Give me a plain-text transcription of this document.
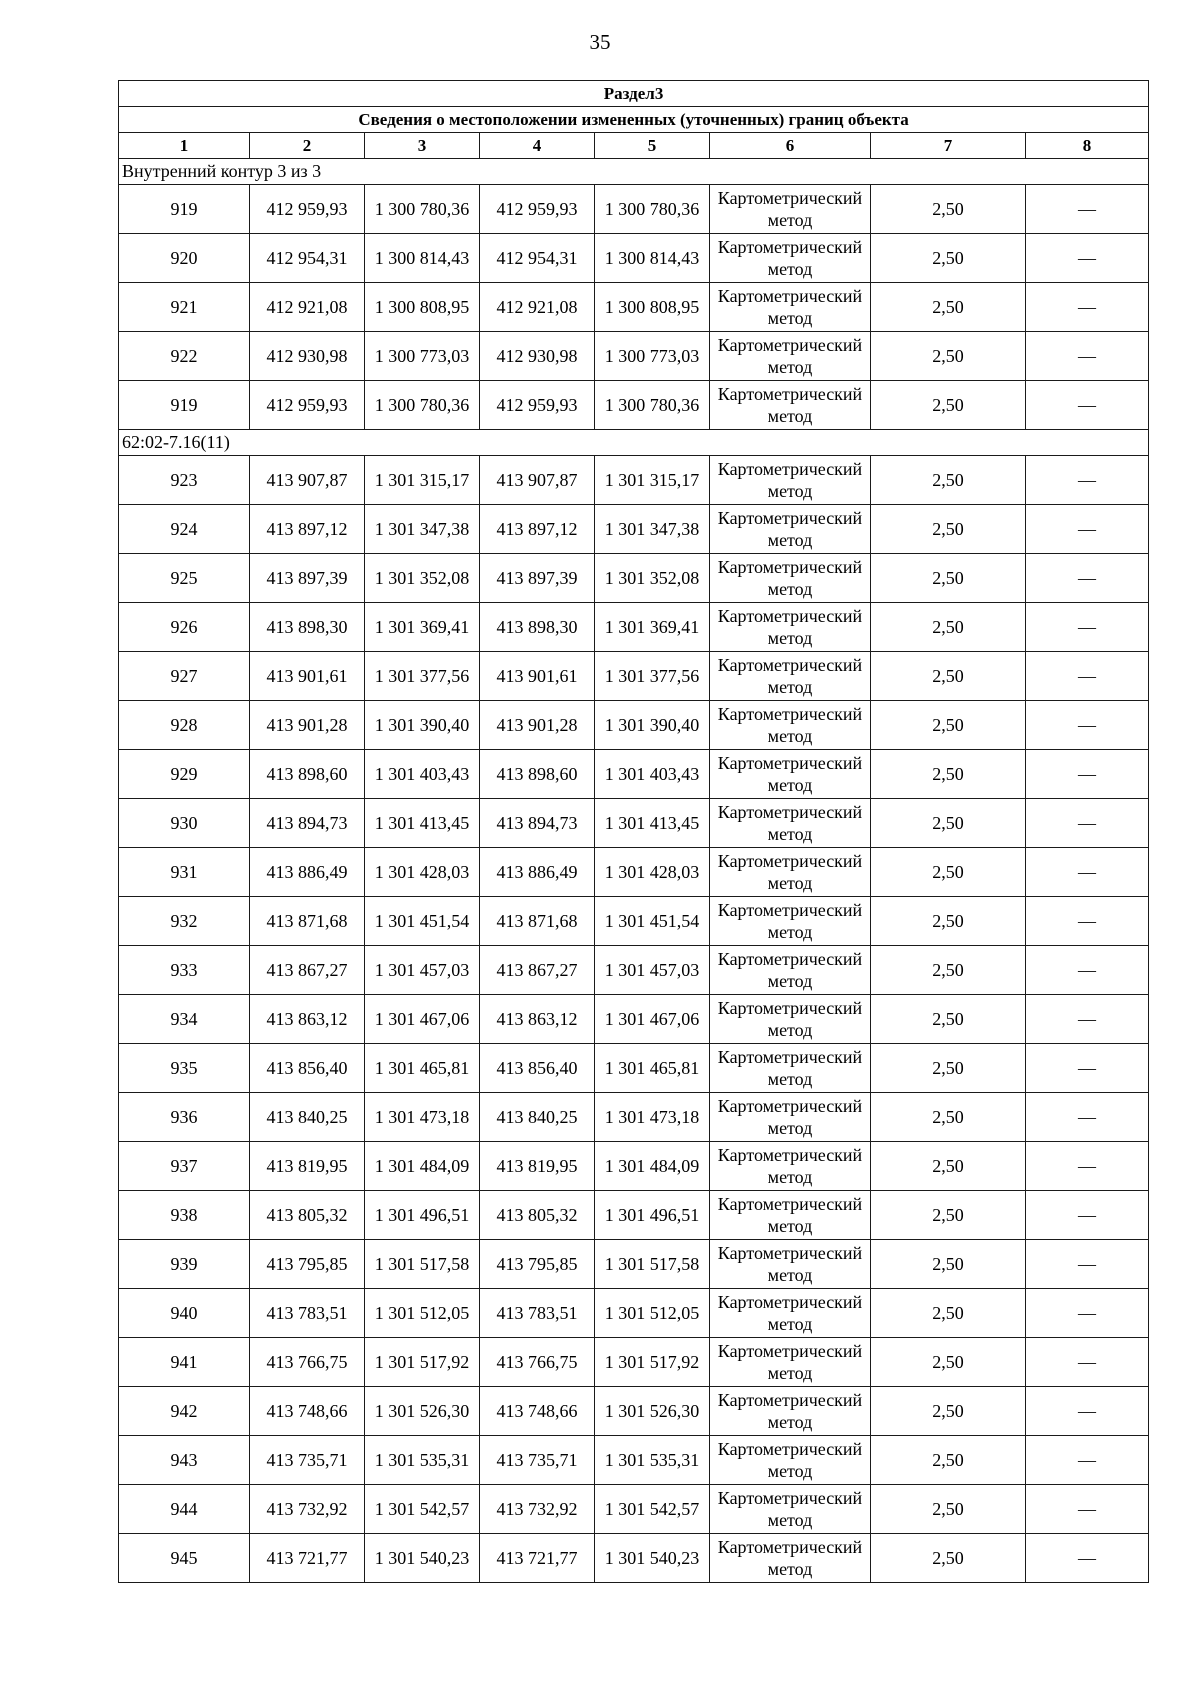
35
Раздел3							
Сведения о местоположении измененных (уточненных) границ объекта							
1	2	3	4	5	6	7	8
Внутренний контур 3 из 3							
919	412 959,93	1 300 780,36	412 959,93	1 300 780,36	Картометрический метод	2,50	—
920	412 954,31	1 300 814,43	412 954,31	1 300 814,43	Картометрический метод	2,50	—
921	412 921,08	1 300 808,95	412 921,08	1 300 808,95	Картометрический метод	2,50	—
922	412 930,98	1 300 773,03	412 930,98	1 300 773,03	Картометрический метод	2,50	—
919	412 959,93	1 300 780,36	412 959,93	1 300 780,36	Картометрический метод	2,50	—
62:02-7.16(11)							
923	413 907,87	1 301 315,17	413 907,87	1 301 315,17	Картометрический метод	2,50	—
924	413 897,12	1 301 347,38	413 897,12	1 301 347,38	Картометрический метод	2,50	—
925	413 897,39	1 301 352,08	413 897,39	1 301 352,08	Картометрический метод	2,50	—
926	413 898,30	1 301 369,41	413 898,30	1 301 369,41	Картометрический метод	2,50	—
927	413 901,61	1 301 377,56	413 901,61	1 301 377,56	Картометрический метод	2,50	—
928	413 901,28	1 301 390,40	413 901,28	1 301 390,40	Картометрический метод	2,50	—
929	413 898,60	1 301 403,43	413 898,60	1 301 403,43	Картометрический метод	2,50	—
930	413 894,73	1 301 413,45	413 894,73	1 301 413,45	Картометрический метод	2,50	—
931	413 886,49	1 301 428,03	413 886,49	1 301 428,03	Картометрический метод	2,50	—
932	413 871,68	1 301 451,54	413 871,68	1 301 451,54	Картометрический метод	2,50	—
933	413 867,27	1 301 457,03	413 867,27	1 301 457,03	Картометрический метод	2,50	—
934	413 863,12	1 301 467,06	413 863,12	1 301 467,06	Картометрический метод	2,50	—
935	413 856,40	1 301 465,81	413 856,40	1 301 465,81	Картометрический метод	2,50	—
936	413 840,25	1 301 473,18	413 840,25	1 301 473,18	Картометрический метод	2,50	—
937	413 819,95	1 301 484,09	413 819,95	1 301 484,09	Картометрический метод	2,50	—
938	413 805,32	1 301 496,51	413 805,32	1 301 496,51	Картометрический метод	2,50	—
939	413 795,85	1 301 517,58	413 795,85	1 301 517,58	Картометрический метод	2,50	—
940	413 783,51	1 301 512,05	413 783,51	1 301 512,05	Картометрический метод	2,50	—
941	413 766,75	1 301 517,92	413 766,75	1 301 517,92	Картометрический метод	2,50	—
942	413 748,66	1 301 526,30	413 748,66	1 301 526,30	Картометрический метод	2,50	—
943	413 735,71	1 301 535,31	413 735,71	1 301 535,31	Картометрический метод	2,50	—
944	413 732,92	1 301 542,57	413 732,92	1 301 542,57	Картометрический метод	2,50	—
945	413 721,77	1 301 540,23	413 721,77	1 301 540,23	Картометрический метод	2,50	—
